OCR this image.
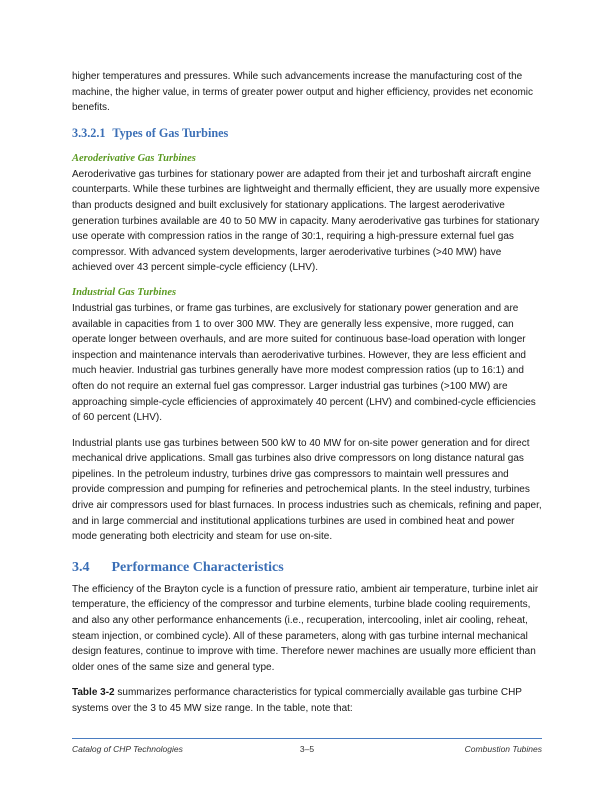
higher temperatures and pressures. While such advancements increase the manufacturing cost of the machine, the higher value, in terms of greater power output and higher efficiency, provides net economic benefits.

3.3.2.1 Types of Gas Turbines
Aeroderivative Gas Turbines

Aeroderivative gas turbines for stationary power are adapted from their jet and turboshaft aircraft engine counterparts. While these turbines are lightweight and thermally efficient, they are usually more expensive than products designed and built exclusively for stationary applications. The largest aeroderivative generation turbines available are 40 to 50 MW in capacity. Many aeroderivative gas turbines for stationary use operate with compression ratios in the range of 30:1, requiring a high-pressure external fuel gas compressor. With advanced system developments, larger aeroderivative turbines (>40 MW) have achieved over 43 percent simple-cycle efficiency (LHV).

Industrial Gas Turbines

Industrial gas turbines, or frame gas turbines, are exclusively for stationary power generation and are available in capacities from 1 to over 300 MW. They are generally less expensive, more rugged, can operate longer between overhauls, and are more suited for continuous base-load operation with longer inspection and maintenance intervals than aeroderivative turbines. However, they are less efficient and much heavier. Industrial gas turbines generally have more modest compression ratios (up to 16:1) and often do not require an external fuel gas compressor. Larger industrial gas turbines (>100 MW) are approaching simple-cycle efficiencies of approximately 40 percent (LHV) and combined-cycle efficiencies of 60 percent (LHV).

Industrial plants use gas turbines between 500 kW to 40 MW for on-site power generation and for direct mechanical drive applications. Small gas turbines also drive compressors on long distance natural gas pipelines. In the petroleum industry, turbines drive gas compressors to maintain well pressures and provide compression and pumping for refineries and petrochemical plants. In the steel industry, turbines drive air compressors used for blast furnaces. In process industries such as chemicals, refining and paper, and in large commercial and institutional applications turbines are used in combined heat and power mode generating both electricity and steam for use on-site.

3.4 Performance Characteristics

The efficiency of the Brayton cycle is a function of pressure ratio, ambient air temperature, turbine inlet air temperature, the efficiency of the compressor and turbine elements, turbine blade cooling requirements, and also any other performance enhancements (i.e., recuperation, intercooling, inlet air cooling, reheat, steam injection, or combined cycle). All of these parameters, along with gas turbine internal mechanical design features, continue to improve with time. Therefore newer machines are usually more efficient than older ones of the same size and general type.

Table 3-2 summarizes performance characteristics for typical commercially available gas turbine CHP systems over the 3 to 45 MW size range. In the table, note that:

Catalog of CHP Technologies	3–5	Combustion Tubines
